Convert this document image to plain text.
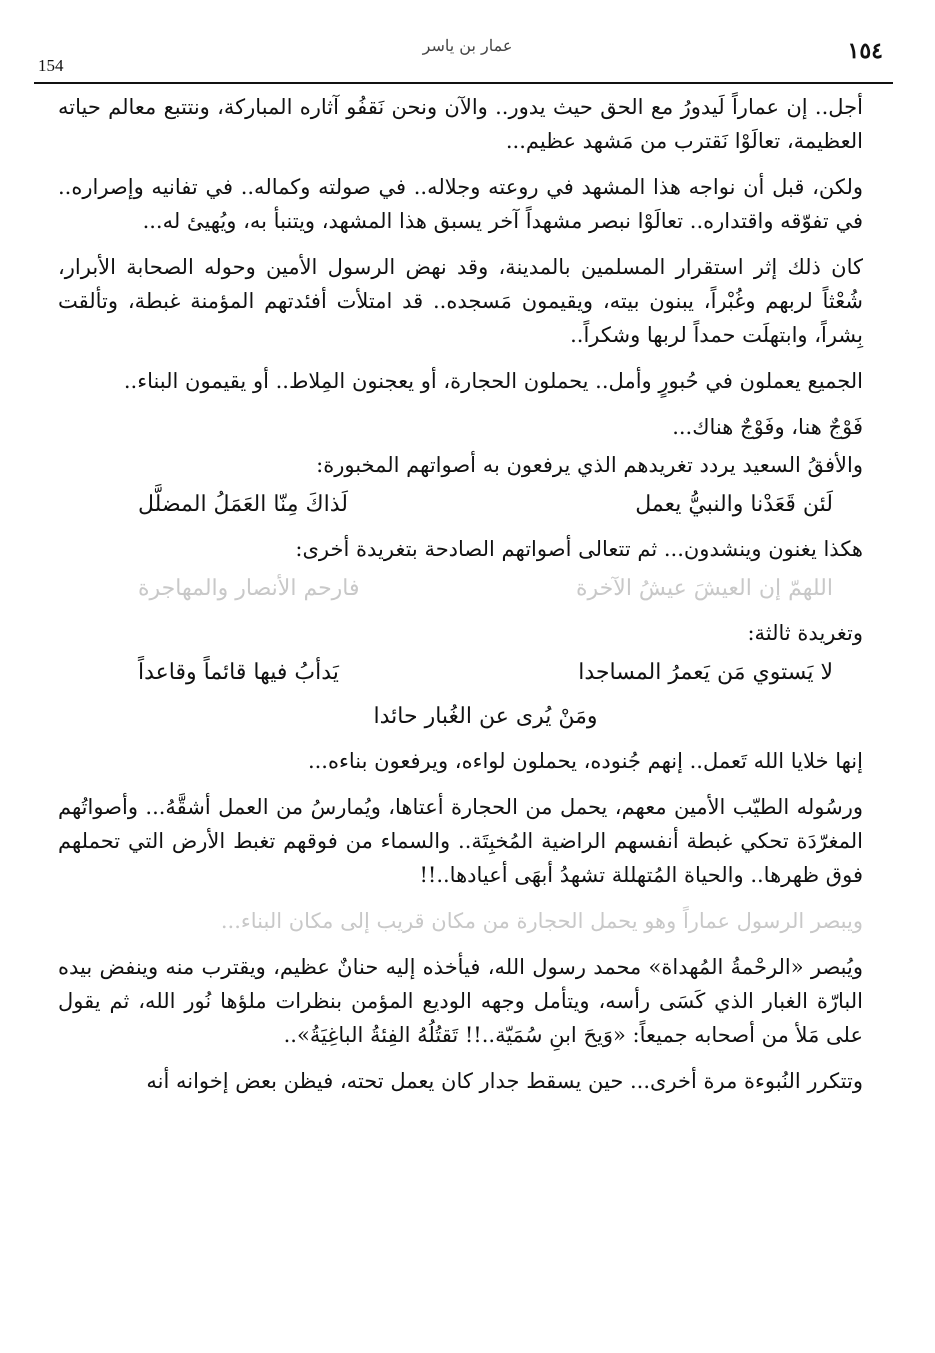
154
عمار بن ياسر	١٥٤

أجل.. إن عماراً لَيدورُ مع الحق حيث يدور.. والآن ونحن نَقفُو آثاره المباركة، ونتتبع معالم حياته العظيمة، تعالَوْا نَقترب من مَشهد عظيم...

ولكن، قبل أن نواجه هذا المشهد في روعته وجلاله.. في صولته وكماله.. في تفانيه وإصراره.. في تفوّقه واقتداره.. تعالَوْا نبصر مشهداً آخر يسبق هذا المشهد، ويتنبأ به، ويُهيئ له...

كان ذلك إثر استقرار المسلمين بالمدينة، وقد نهض الرسول الأمين وحوله الصحابة الأبرار، شُعْثاً لربهم وغُبْراً، يبنون بيته، ويقيمون مَسجده.. قد امتلأت أفئدتهم المؤمنة غبطة، وتألقت بِشراً، وابتهلَت حمداً لربها وشكراً..

الجميع يعملون في حُبورٍ وأمل.. يحملون الحجارة، أو يعجنون المِلاط.. أو يقيمون البناء..

فَوْجٌ هنا، وفَوْجٌ هناك...

والأفقُ السعيد يردد تغريدهم الذي يرفعون به أصواتهم المخبورة:

لَئن قَعَدْنا والنبيُّ يعمل
لَذاكَ مِنّا العَمَلُ المضلَّل

هكذا يغنون وينشدون... ثم تتعالى أصواتهم الصادحة بتغريدة أخرى:

اللهمّ إن العيشَ عيشُ الآخرة
فارحم الأنصار والمهاجرة

وتغريدة ثالثة:

لا يَستوي مَن يَعمرُ المساجدا
يَدأبُ فيها قائماً وقاعداً
ومَنْ يُرى عن الغُبار حائدا

إنها خلايا الله تَعمل.. إنهم جُنوده، يحملون لواءه، ويرفعون بناءه...

ورسُوله الطيّب الأمين معهم، يحمل من الحجارة أعتاها، ويُمارسُ من العمل أشقَّهُ... وأصواتُهم المغرّدَة تحكي غبطة أنفسهم الراضية المُخبِتَة.. والسماء من فوقهم تغبط الأرض التي تحملهم فوق ظهرها.. والحياة المُتهللة تشهدُ أبهَى أعيادها..!!

ويبصر الرسول عماراً وهو يحمل الحجارة من مكان قريب إلى مكان البناء...

ويُبصر «الرحْمةُ المُهداة» محمد رسول الله، فيأخذه إليه حنانٌ عظيم، ويقترب منه وينفض بيده البارّة الغبار الذي كَسَى رأسه، ويتأمل وجهه الوديع المؤمن بنظرات ملؤها نُور الله، ثم يقول على مَلأ من أصحابه جميعاً: «وَيحَ ابنِ سُمَيّة..!! تَقتُلُهُ الفِئةُ الباغِيَةُ»..

وتتكرر النُبوءة مرة أخرى... حين يسقط جدار كان يعمل تحته، فيظن بعض إخوانه أنه
